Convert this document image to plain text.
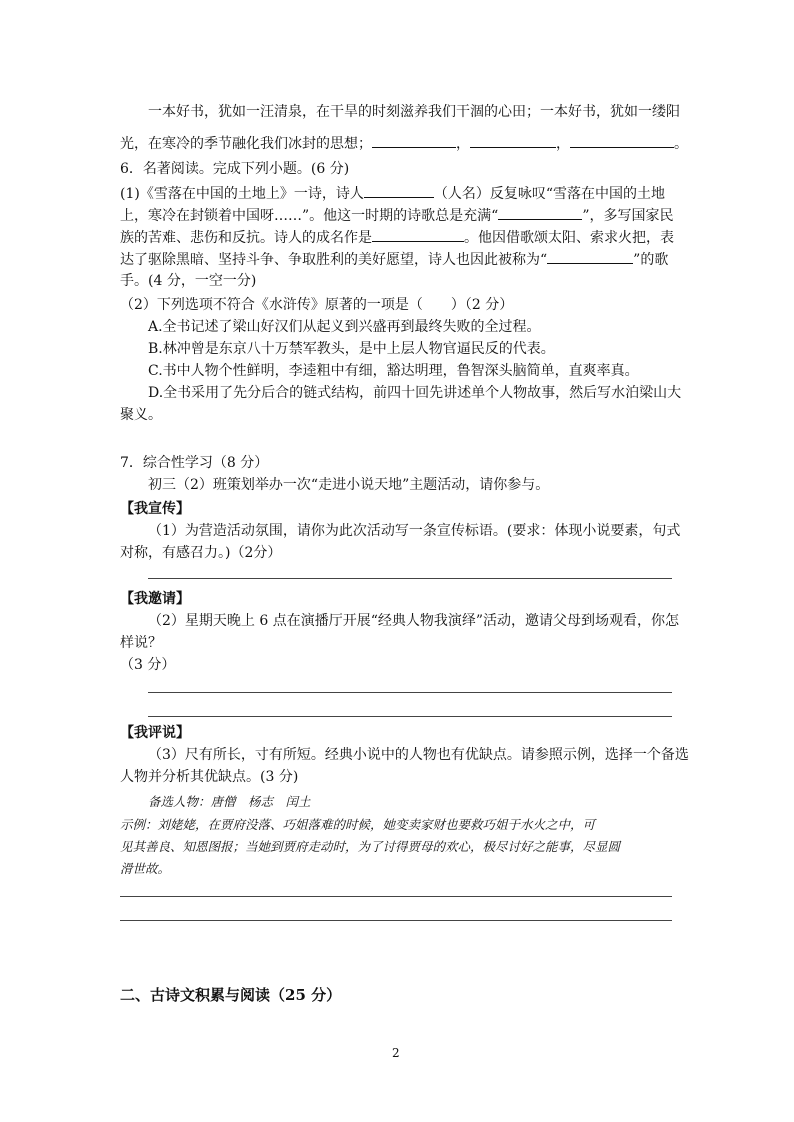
一本好书，犹如一汪清泉，在干旱的时刻滋养我们干涸的心田；一本好书，犹如一缕阳
光，在寒冷的季节融化我们冰封的思想；	，	，	。
6．名著阅读。完成下列小题。(6 分)
(1)《雪落在中国的土地上》一诗，诗人	（人名）反复咏叹“雪落在中国的土地
上，寒冷在封锁着中国呀……”。他这一时期的诗歌总是充满“	”，多写国家民
族的苦难、悲伤和反抗。诗人的成名作是	。他因借歌颂太阳、索求火把，表
达了驱除黑暗、坚持斗争、争取胜利的美好愿望，诗人也因此被称为“	”的歌
手。(4 分，一空一分)
（2）下列选项不符合《水浒传》原著的一项是（　　）（2 分）
A.全书记述了梁山好汉们从起义到兴盛再到最终失败的全过程。
B.林冲曾是东京八十万禁军教头，是中上层人物官逼民反的代表。
C.书中人物个性鲜明，李逵粗中有细，豁达明理，鲁智深头脑简单，直爽率真。
D.全书采用了先分后合的链式结构，前四十回先讲述单个人物故事，然后写水泊梁山大
聚义。
7．综合性学习（8 分）
初三（2）班策划举办一次“走进小说天地”主题活动，请你参与。
【我宣传】
（1）为营造活动氛围，请你为此次活动写一条宣传标语。(要求：体现小说要素，句式
对称，有感召力。)（2分）
【我邀请】
（2）星期天晚上 6 点在演播厅开展“经典人物我演绎”活动，邀请父母到场观看，你怎
样说？
（3 分）
【我评说】
（3）尺有所长，寸有所短。经典小说中的人物也有优缺点。请参照示例，选择一个备选
人物并分析其优缺点。(3 分)
备选人物：唐僧　杨志　闰土
示例：刘姥姥，在贾府没落、巧姐落难的时候，她变卖家财也要救巧姐于水火之中，可
见其善良、知恩图报；当她到贾府走动时，为了讨得贾母的欢心，极尽讨好之能事，尽显圆
滑世故。
二、古诗文积累与阅读（25 分）
2
